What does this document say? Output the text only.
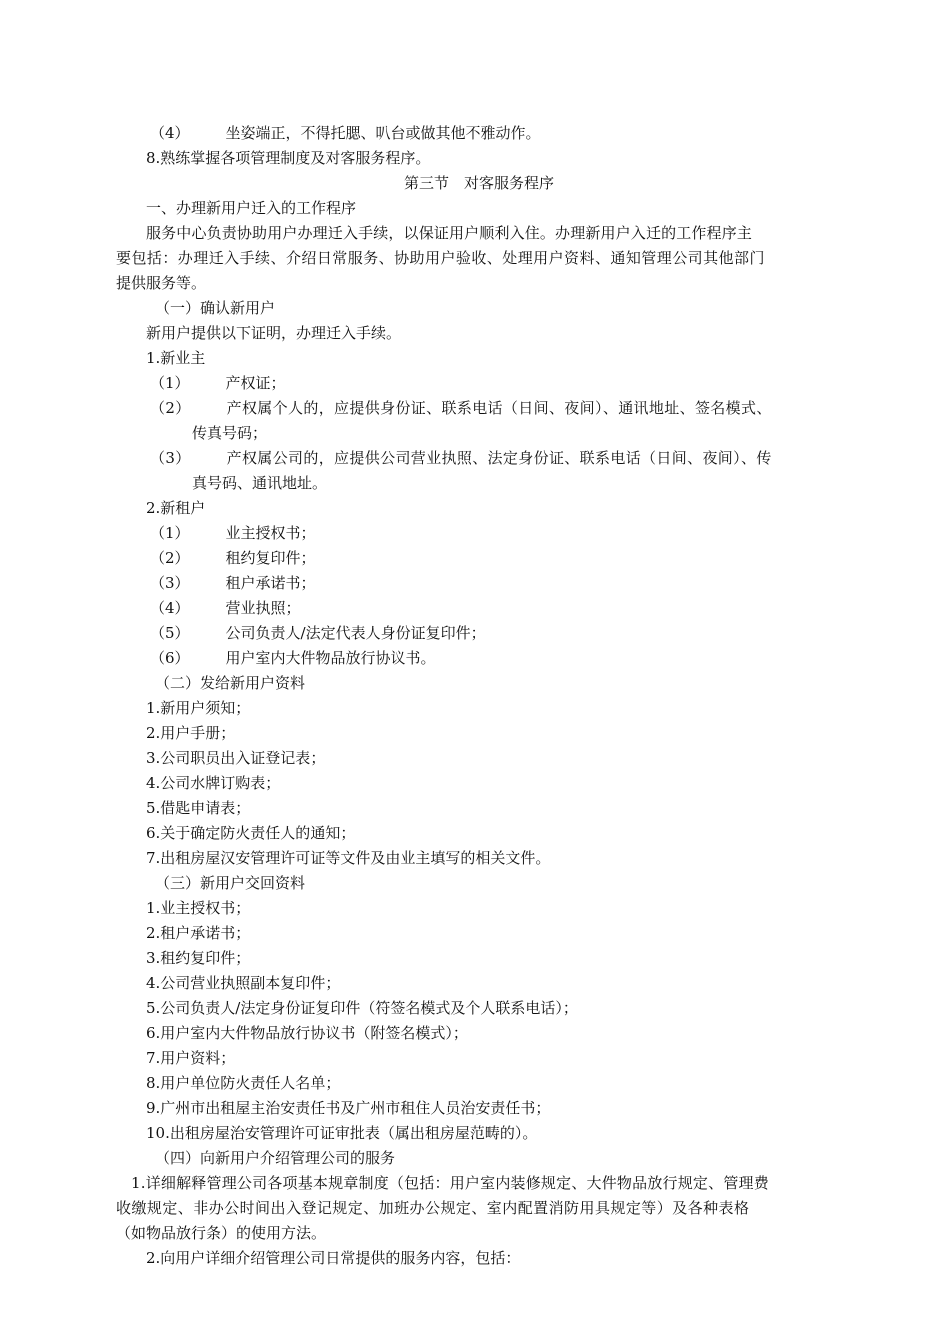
（4） 坐姿端正，不得托腮、叭台或做其他不雅动作。
8.熟练掌握各项管理制度及对客服务程序。
第三节　对客服务程序
一、办理新用户迁入的工作程序
服务中心负责协助用户办理迁入手续，以保证用户顺利入住。办理新用户入迁的工作程序主
要包括：办理迁入手续、介绍日常服务、协助用户验收、处理用户资料、通知管理公司其他部门
提供服务等。
（一）确认新用户
新用户提供以下证明，办理迁入手续。
1.新业主
（1） 产权证；
（2） 产权属个人的，应提供身份证、联系电话（日间、夜间）、通讯地址、签名模式、
传真号码；
（3） 产权属公司的，应提供公司营业执照、法定身份证、联系电话（日间、夜间）、传
真号码、通讯地址。
2.新租户
（1） 业主授权书；
（2） 租约复印件；
（3） 租户承诺书；
（4） 营业执照；
（5） 公司负责人/法定代表人身份证复印件；
（6） 用户室内大件物品放行协议书。
（二）发给新用户资料
1.新用户须知；
2.用户手册；
3.公司职员出入证登记表；
4.公司水牌订购表；
5.借匙申请表；
6.关于确定防火责任人的通知；
7.出租房屋汉安管理许可证等文件及由业主填写的相关文件。
（三）新用户交回资料
1.业主授权书；
2.租户承诺书；
3.租约复印件；
4.公司营业执照副本复印件；
5.公司负责人/法定身份证复印件（符签名模式及个人联系电话）；
6.用户室内大件物品放行协议书（附签名模式）；
7.用户资料；
8.用户单位防火责任人名单；
9.广州市出租屋主治安责任书及广州市租住人员治安责任书；
10.出租房屋治安管理许可证审批表（属出租房屋范畴的）。
（四）向新用户介绍管理公司的服务
1.详细解释管理公司各项基本规章制度（包括：用户室内装修规定、大件物品放行规定、管理费
收缴规定、非办公时间出入登记规定、加班办公规定、室内配置消防用具规定等）及各种表格
（如物品放行条）的使用方法。
2.向用户详细介绍管理公司日常提供的服务内容，包括：
